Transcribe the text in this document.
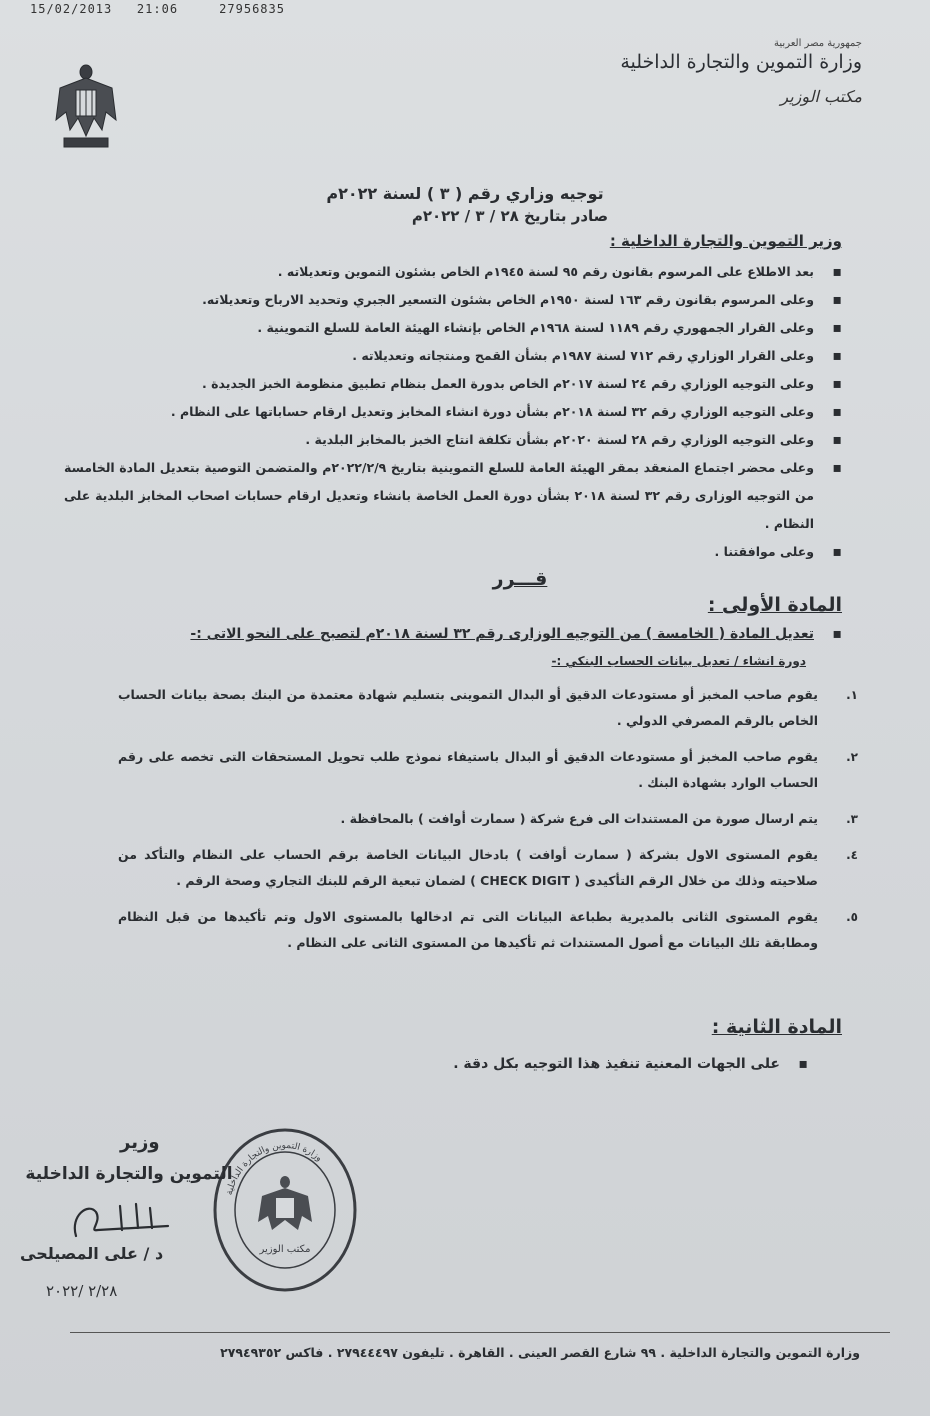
15/02/2013   21:06     27956835
جمهورية مصر العربية
وزارة التموين والتجارة الداخلية
مكتب الوزير
توجيه وزاري رقم ( ٣ ) لسنة ٢٠٢٢م
صادر بتاريخ ٢٨ / ٣ / ٢٠٢٢م
وزير التموين والتجارة الداخلية :
بعد الاطلاع على المرسوم بقانون رقم ٩٥ لسنة ١٩٤٥م الخاص بشئون التموين وتعديلاته . ▪
وعلى المرسوم بقانون رقم ١٦٣ لسنة ١٩٥٠م الخاص بشئون التسعير الجبري وتحديد الارباح وتعديلاته. ▪
وعلى القرار الجمهوري رقم ١١٨٩ لسنة ١٩٦٨م الخاص بإنشاء الهيئة العامة للسلع التموينية . ▪
وعلى القرار الوزاري رقم ٧١٢ لسنة ١٩٨٧م بشأن القمح ومنتجاته وتعديلاته . ▪
وعلى التوجيه الوزاري رقم ٢٤ لسنة ٢٠١٧م الخاص بدورة العمل بنظام تطبيق منظومة الخبز الجديدة . ▪
وعلى التوجيه الوزاري رقم ٣٢ لسنة ٢٠١٨م بشأن دورة انشاء المخابز وتعديل ارقام حساباتها على النظام . ▪
وعلى التوجيه الوزاري رقم ٢٨ لسنة ٢٠٢٠م بشأن تكلفة انتاج الخبز بالمخابز البلدية . ▪
وعلى محضر اجتماع المنعقد بمقر الهيئة العامة للسلع التموينية بتاريخ ٢٠٢٢/٢/٩م والمتضمن التوصية بتعديل المادة الخامسة من التوجيه الوزارى رقم ٣٢ لسنة ٢٠١٨ بشأن دورة العمل الخاصة بانشاء وتعديل ارقام حسابات اصحاب المخابز البلدية على النظام . ▪
وعلى موافقتنا . ▪
قـــرر
المادة الأولى :
تعديل المادة ( الخامسة ) من التوجيه الوزارى رقم ٣٢ لسنة ٢٠١٨م لتصبح على النحو الاتى :- ▪
دورة انشاء / تعديل بيانات الحساب البنكي :-
١.
يقوم صاحب المخبز أو مستودعات الدقيق أو البدال التموينى بتسليم شهادة معتمدة من البنك بصحة بيانات الحساب الخاص بالرقم المصرفي الدولي .
٢.
يقوم صاحب المخبز أو مستودعات الدقيق أو البدال باستيفاء نموذج طلب تحويل المستحقات التى تخصه على رقم الحساب الوارد بشهادة البنك .
٣.
يتم ارسال صورة من المستندات الى فرع شركة ( سمارت أوافت ) بالمحافظة .
٤.
يقوم المستوى الاول بشركة ( سمارت أوافت ) بادخال البيانات الخاصة برقم الحساب على النظام والتأكد من صلاحيته وذلك من خلال الرقم التأكيدى ( CHECK DIGIT ) لضمان تبعية الرقم للبنك التجاري وصحة الرقم .
٥.
يقوم المستوى الثانى بالمديرية بطباعة البيانات التى تم ادخالها بالمستوى الاول وتم تأكيدها من قبل النظام ومطابقة تلك البيانات مع أصول المستندات ثم تأكيدها من المستوى الثانى على النظام .
المادة الثانية :
على الجهات المعنية تنفيذ هذا التوجيه بكل دقة . ▪
وزارة التموين والتجارة الداخلية
مكتب الوزير
وزير
التموين والتجارة الداخلية
د / على المصيلحى
٢/٢٨ /٢٠٢٢
وزارة التموين والتجارة الداخلية . ٩٩ شارع القصر العينى . القاهرة . تليفون ٢٧٩٤٤٤٩٧ . فاكس ٢٧٩٤٩٣٥٢
